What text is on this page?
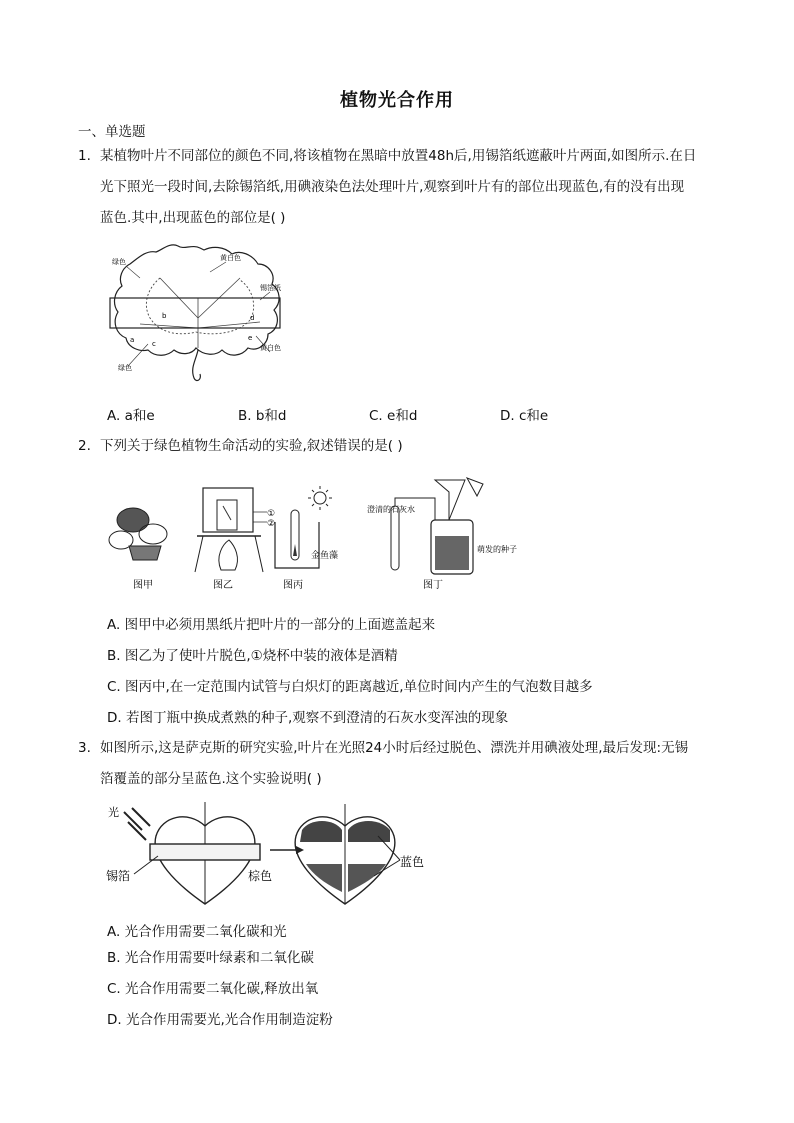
植物光合作用
一、单选题
1. 某植物叶片不同部位的颜色不同,将该植物在黑暗中放置48h后,用锡箔纸遮蔽叶片两面,如图所示.在日
光下照光一段时间,去除锡箔纸,用碘液染色法处理叶片,观察到叶片有的部位出现蓝色,有的没有出现
蓝色.其中,出现蓝色的部位是( )
绿色	黄白色
锡箔纸
绿色
黄白色
a
b
c
d
e
A. a和e	B. b和d	C. e和d	D. c和e
2. 下列关于绿色植物生命活动的实验,叙述错误的是( )
图甲
①
②
图乙
金鱼藻
图丙
澄清的石灰水
萌发的种子
图丁
A. 图甲中必须用黑纸片把叶片的一部分的上面遮盖起来
B. 图乙为了使叶片脱色,①烧杯中装的液体是酒精
C. 图丙中,在一定范围内试管与白炽灯的距离越近,单位时间内产生的气泡数目越多
D. 若图丁瓶中换成煮熟的种子,观察不到澄清的石灰水变浑浊的现象
3. 如图所示,这是萨克斯的研究实验,叶片在光照24小时后经过脱色、漂洗并用碘液处理,最后发现:无锡
箔覆盖的部分呈蓝色.这个实验说明( )
光
锡箔	棕色
蓝色
A. 光合作用需要二氧化碳和光
B. 光合作用需要叶绿素和二氧化碳
C. 光合作用需要二氧化碳,释放出氧
D. 光合作用需要光,光合作用制造淀粉
